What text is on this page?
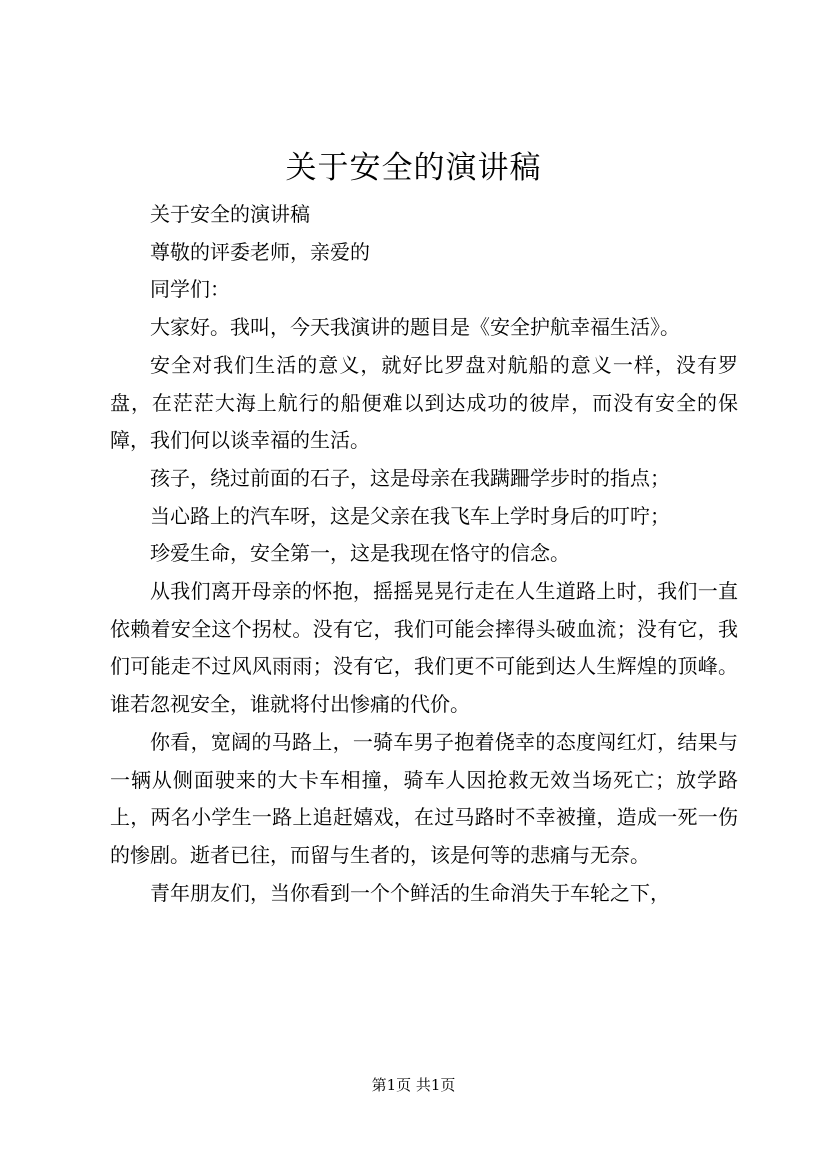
关于安全的演讲稿

关于安全的演讲稿

尊敬的评委老师，亲爱的

同学们：

大家好。我叫，今天我演讲的题目是《安全护航幸福生活》。

安全对我们生活的意义，就好比罗盘对航船的意义一样，没有罗盘，在茫茫大海上航行的船便难以到达成功的彼岸，而没有安全的保障，我们何以谈幸福的生活。

孩子，绕过前面的石子，这是母亲在我蹒跚学步时的指点；

当心路上的汽车呀，这是父亲在我飞车上学时身后的叮咛；

珍爱生命，安全第一，这是我现在恪守的信念。

从我们离开母亲的怀抱，摇摇晃晃行走在人生道路上时，我们一直依赖着安全这个拐杖。没有它，我们可能会摔得头破血流；没有它，我们可能走不过风风雨雨；没有它，我们更不可能到达人生辉煌的顶峰。谁若忽视安全，谁就将付出惨痛的代价。

你看，宽阔的马路上，一骑车男子抱着侥幸的态度闯红灯，结果与一辆从侧面驶来的大卡车相撞，骑车人因抢救无效当场死亡；放学路上，两名小学生一路上追赶嬉戏，在过马路时不幸被撞，造成一死一伤的惨剧。逝者已往，而留与生者的，该是何等的悲痛与无奈。

青年朋友们，当你看到一个个鲜活的生命消失于车轮之下，

第1页 共1页
